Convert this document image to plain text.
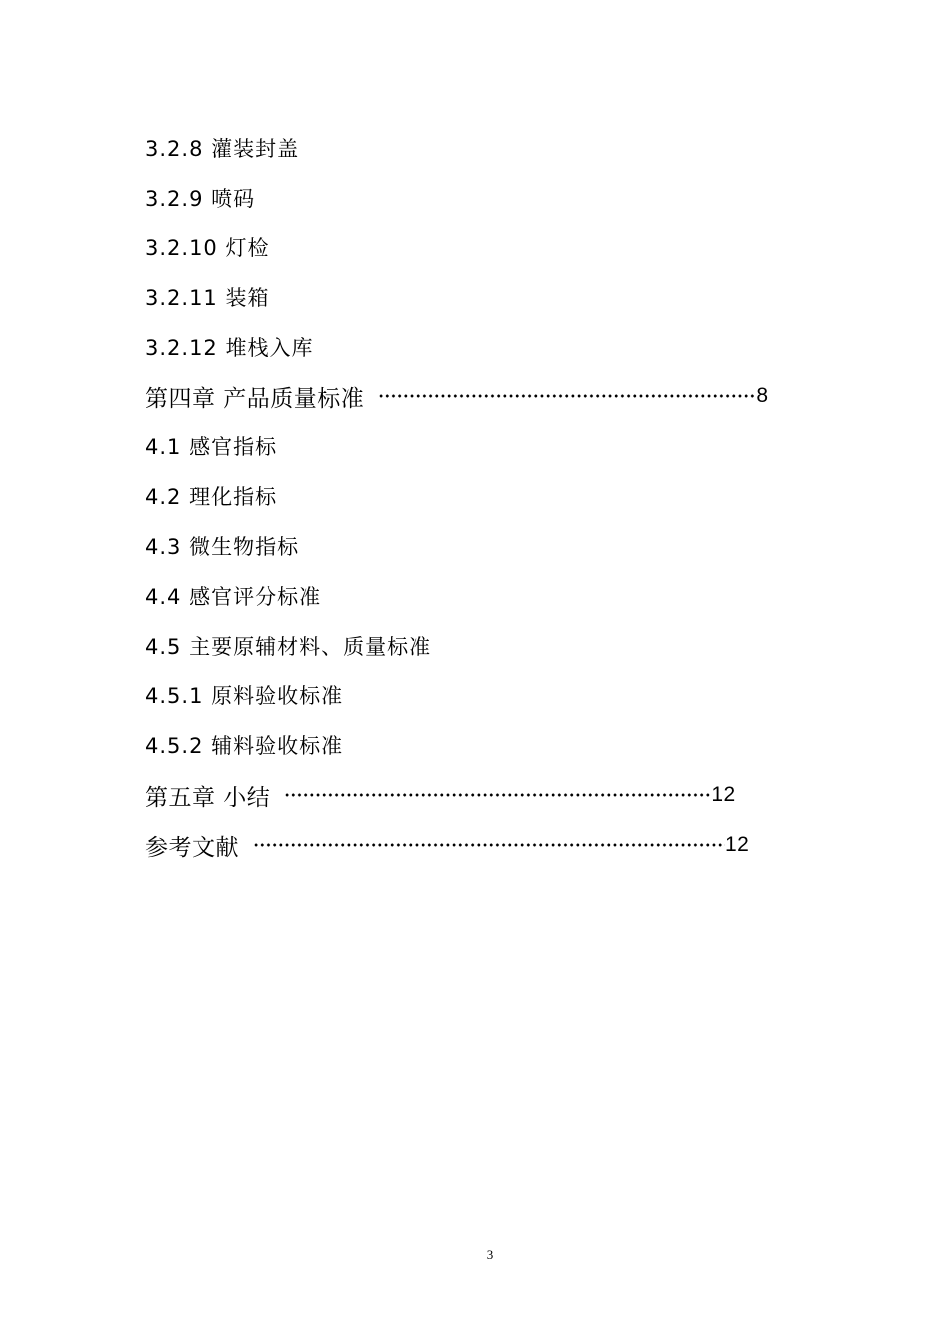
3.2.8 灌装封盖
3.2.9 喷码
3.2.10 灯检
3.2.11 装箱
3.2.12 堆栈入库
第四章 产品质量标准	8
4.1 感官指标
4.2 理化指标
4.3 微生物指标
4.4 感官评分标准
4.5 主要原辅材料、质量标准
4.5.1 原料验收标准
4.5.2 辅料验收标准
第五章 小结	12
参考文献	12
3
